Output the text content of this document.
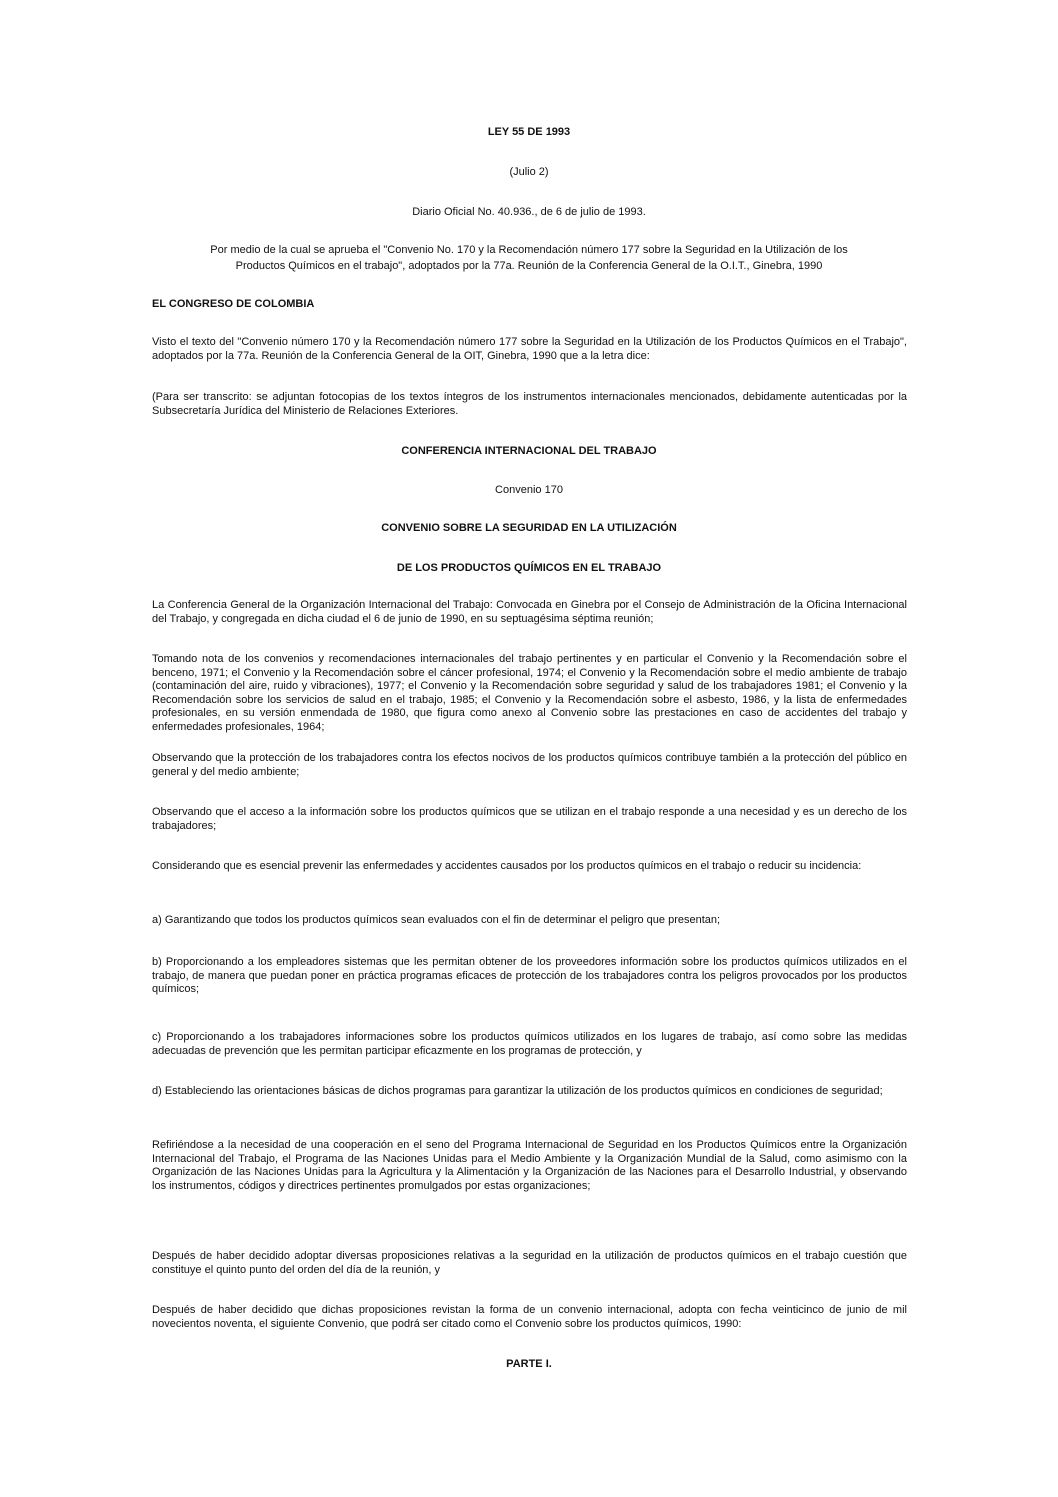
LEY 55 DE 1993
(Julio 2)
Diario Oficial No. 40.936., de 6 de julio de 1993.
Por medio de la cual se aprueba el "Convenio No. 170 y la Recomendación número 177 sobre la Seguridad en la Utilización de los
Productos Químicos en el trabajo", adoptados por la 77a. Reunión de la Conferencia General de la O.I.T., Ginebra, 1990
EL CONGRESO DE COLOMBIA
Visto el texto del "Convenio número 170 y la Recomendación número 177 sobre la Seguridad en la Utilización de los Productos Químicos en el Trabajo", adoptados por la 77a. Reunión de la Conferencia General de la OIT, Ginebra, 1990 que a la letra dice:
(Para ser transcrito: se adjuntan fotocopias de los textos íntegros de los instrumentos internacionales mencionados, debidamente autenticadas por la Subsecretaría Jurídica del Ministerio de Relaciones Exteriores.
CONFERENCIA INTERNACIONAL DEL TRABAJO
Convenio 170
CONVENIO SOBRE LA SEGURIDAD EN LA UTILIZACIÓN
DE LOS PRODUCTOS QUÍMICOS EN EL TRABAJO
La Conferencia General de la Organización Internacional del Trabajo: Convocada en Ginebra por el Consejo de Administración de la Oficina Internacional del Trabajo, y congregada en dicha ciudad el 6 de junio de 1990, en su septuagésima séptima reunión;
Tomando nota de los convenios y recomendaciones internacionales del trabajo pertinentes y en particular el Convenio y la Recomendación sobre el benceno, 1971; el Convenio y la Recomendación sobre el cáncer profesional, 1974; el Convenio y la Recomendación sobre el medio ambiente de trabajo (contaminación del aire, ruido y vibraciones), 1977; el Convenio y la Recomendación sobre seguridad y salud de los trabajadores 1981; el Convenio y la Recomendación sobre los servicios de salud en el trabajo, 1985; el Convenio y la Recomendación sobre el asbesto, 1986, y la lista de enfermedades profesionales, en su versión enmendada de 1980, que figura como anexo al Convenio sobre las prestaciones en caso de accidentes del trabajo y enfermedades profesionales, 1964;
Observando que la protección de los trabajadores contra los efectos nocivos de los productos químicos contribuye también a la protección del público en general y del medio ambiente;
Observando que el acceso a la información sobre los productos químicos que se utilizan en el trabajo responde a una necesidad y es un derecho de los trabajadores;
Considerando que es esencial prevenir las enfermedades y accidentes causados por los productos químicos en el trabajo o reducir su incidencia:
a) Garantizando que todos los productos químicos sean evaluados con el fin de determinar el peligro que presentan;
b) Proporcionando a los empleadores sistemas que les permitan obtener de los proveedores información sobre los productos químicos utilizados en el trabajo, de manera que puedan poner en práctica programas eficaces de protección de los trabajadores contra los peligros provocados por los productos químicos;
c) Proporcionando a los trabajadores informaciones sobre los productos químicos utilizados en los lugares de trabajo, así como sobre las medidas adecuadas de prevención que les permitan participar eficazmente en los programas de protección, y
d) Estableciendo las orientaciones básicas de dichos programas para garantizar la utilización de los productos químicos en condiciones de seguridad;
Refiriéndose a la necesidad de una cooperación en el seno del Programa Internacional de Seguridad en los Productos Químicos entre la Organización Internacional del Trabajo, el Programa de las Naciones Unidas para el Medio Ambiente y la Organización Mundial de la Salud, como asimismo con la Organización de las Naciones Unidas para la Agricultura y la Alimentación y la Organización de las Naciones para el Desarrollo Industrial, y observando los instrumentos, códigos y directrices pertinentes promulgados por estas organizaciones;
Después de haber decidido adoptar diversas proposiciones relativas a la seguridad en la utilización de productos químicos en el trabajo cuestión que constituye el quinto punto del orden del día de la reunión, y
Después de haber decidido que dichas proposiciones revistan la forma de un convenio internacional, adopta con fecha veinticinco de junio de mil novecientos noventa, el siguiente Convenio, que podrá ser citado como el Convenio sobre los productos químicos, 1990:
PARTE I.
